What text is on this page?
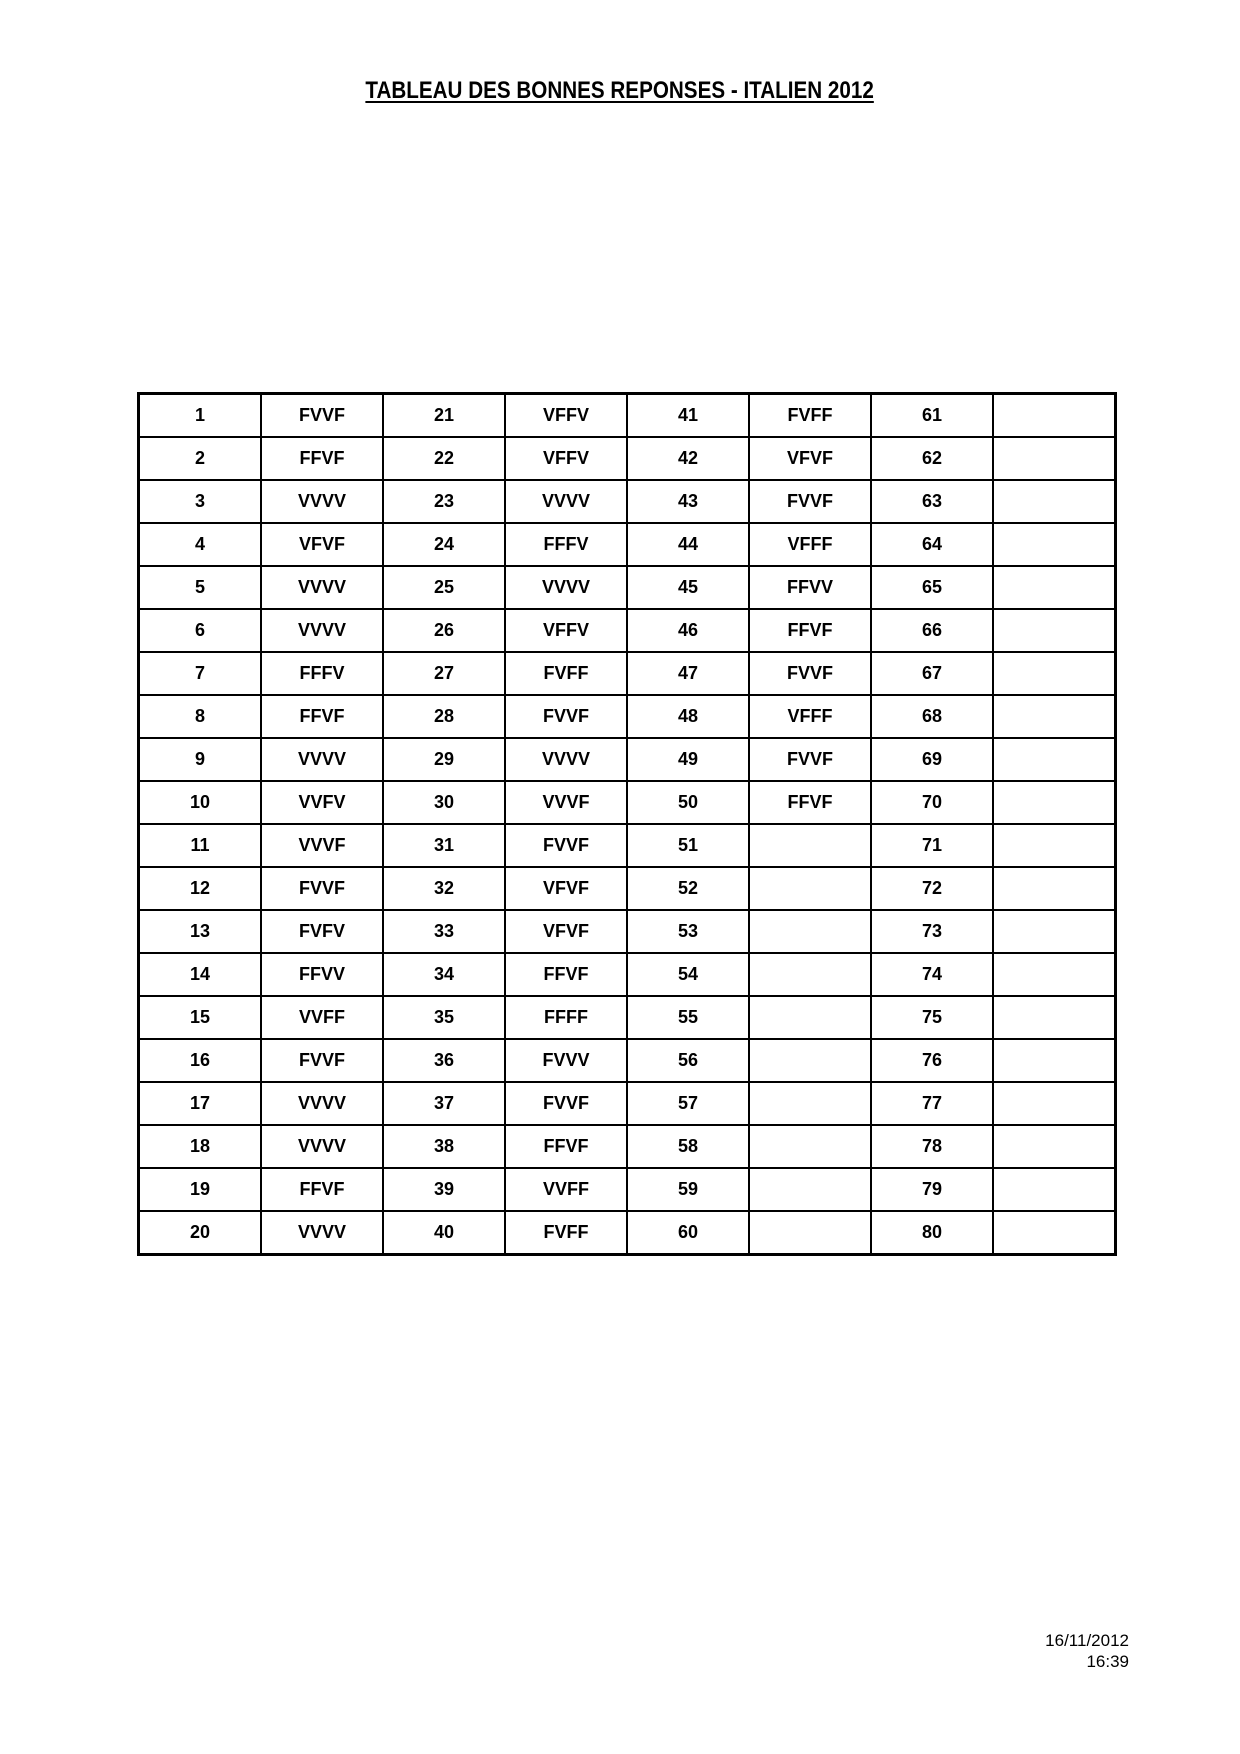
TABLEAU DES BONNES REPONSES - ITALIEN 2012
1	FVVF	21	VFFV	41	FVFF	61	
2	FFVF	22	VFFV	42	VFVF	62	
3	VVVV	23	VVVV	43	FVVF	63	
4	VFVF	24	FFFV	44	VFFF	64	
5	VVVV	25	VVVV	45	FFVV	65	
6	VVVV	26	VFFV	46	FFVF	66	
7	FFFV	27	FVFF	47	FVVF	67	
8	FFVF	28	FVVF	48	VFFF	68	
9	VVVV	29	VVVV	49	FVVF	69	
10	VVFV	30	VVVF	50	FFVF	70	
11	VVVF	31	FVVF	51		71	
12	FVVF	32	VFVF	52		72	
13	FVFV	33	VFVF	53		73	
14	FFVV	34	FFVF	54		74	
15	VVFF	35	FFFF	55		75	
16	FVVF	36	FVVV	56		76	
17	VVVV	37	FVVF	57		77	
18	VVVV	38	FFVF	58		78	
19	FFVF	39	VVFF	59		79	
20	VVVV	40	FVFF	60		80	
16/11/2012
16:39
